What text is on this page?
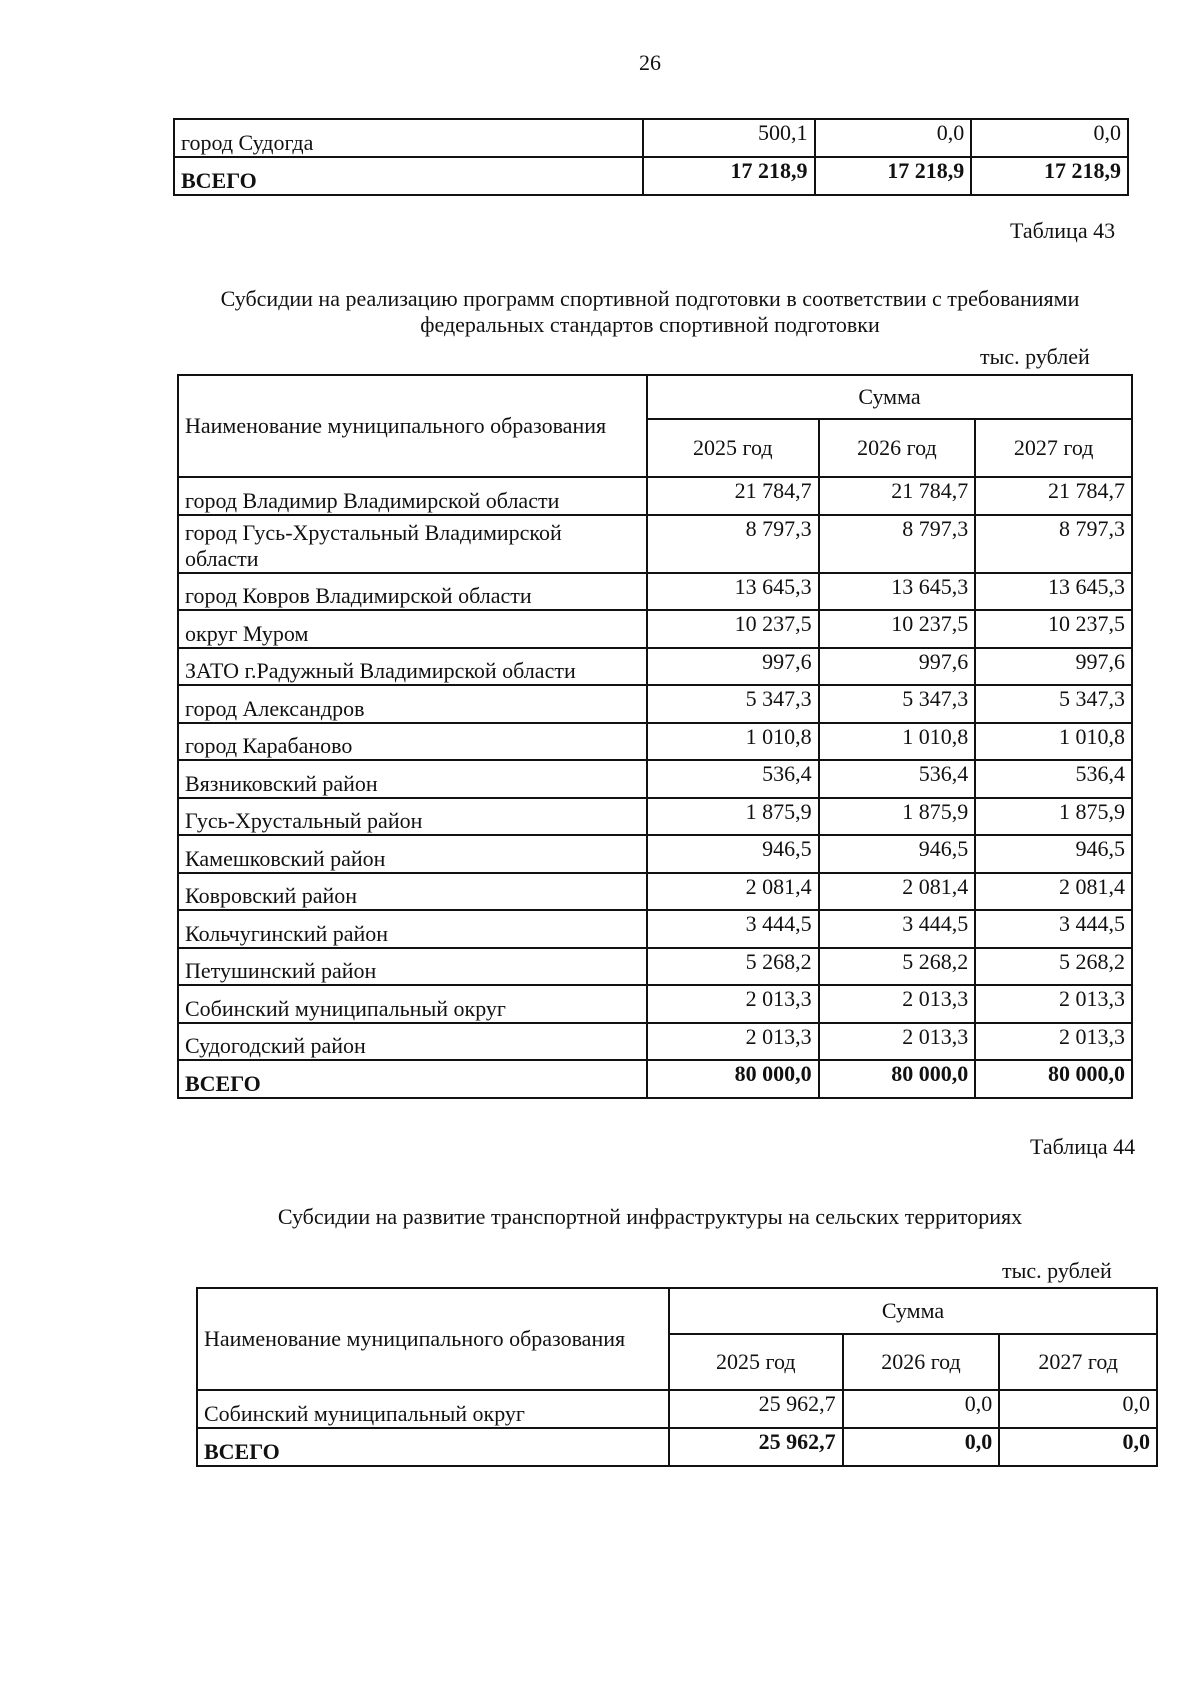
26
город Судогда	500,1	0,0	0,0
ВСЕГО	17 218,9	17 218,9	17 218,9
Таблица 43
Субсидии на реализацию программ спортивной подготовки в соответствии с требованиями
федеральных стандартов спортивной подготовки
тыс. рублей
Наименование муниципального образования	Сумма		
	2025 год	2026 год	2027 год
город Владимир Владимирской области	21 784,7	21 784,7	21 784,7
город Гусь-Хрустальный Владимирской области	8 797,3	8 797,3	8 797,3
город Ковров Владимирской области	13 645,3	13 645,3	13 645,3
округ Муром	10 237,5	10 237,5	10 237,5
ЗАТО г.Радужный Владимирской области	997,6	997,6	997,6
город Александров	5 347,3	5 347,3	5 347,3
город Карабаново	1 010,8	1 010,8	1 010,8
Вязниковский район	536,4	536,4	536,4
Гусь-Хрустальный район	1 875,9	1 875,9	1 875,9
Камешковский район	946,5	946,5	946,5
Ковровский район	2 081,4	2 081,4	2 081,4
Кольчугинский район	3 444,5	3 444,5	3 444,5
Петушинский район	5 268,2	5 268,2	5 268,2
Собинский муниципальный округ	2 013,3	2 013,3	2 013,3
Судогодский район	2 013,3	2 013,3	2 013,3
ВСЕГО	80 000,0	80 000,0	80 000,0
Таблица 44
Субсидии на развитие транспортной инфраструктуры на сельских территориях
тыс. рублей
Наименование муниципального образования	Сумма		
	2025 год	2026 год	2027 год
Собинский муниципальный округ	25 962,7	0,0	0,0
ВСЕГО	25 962,7	0,0	0,0
